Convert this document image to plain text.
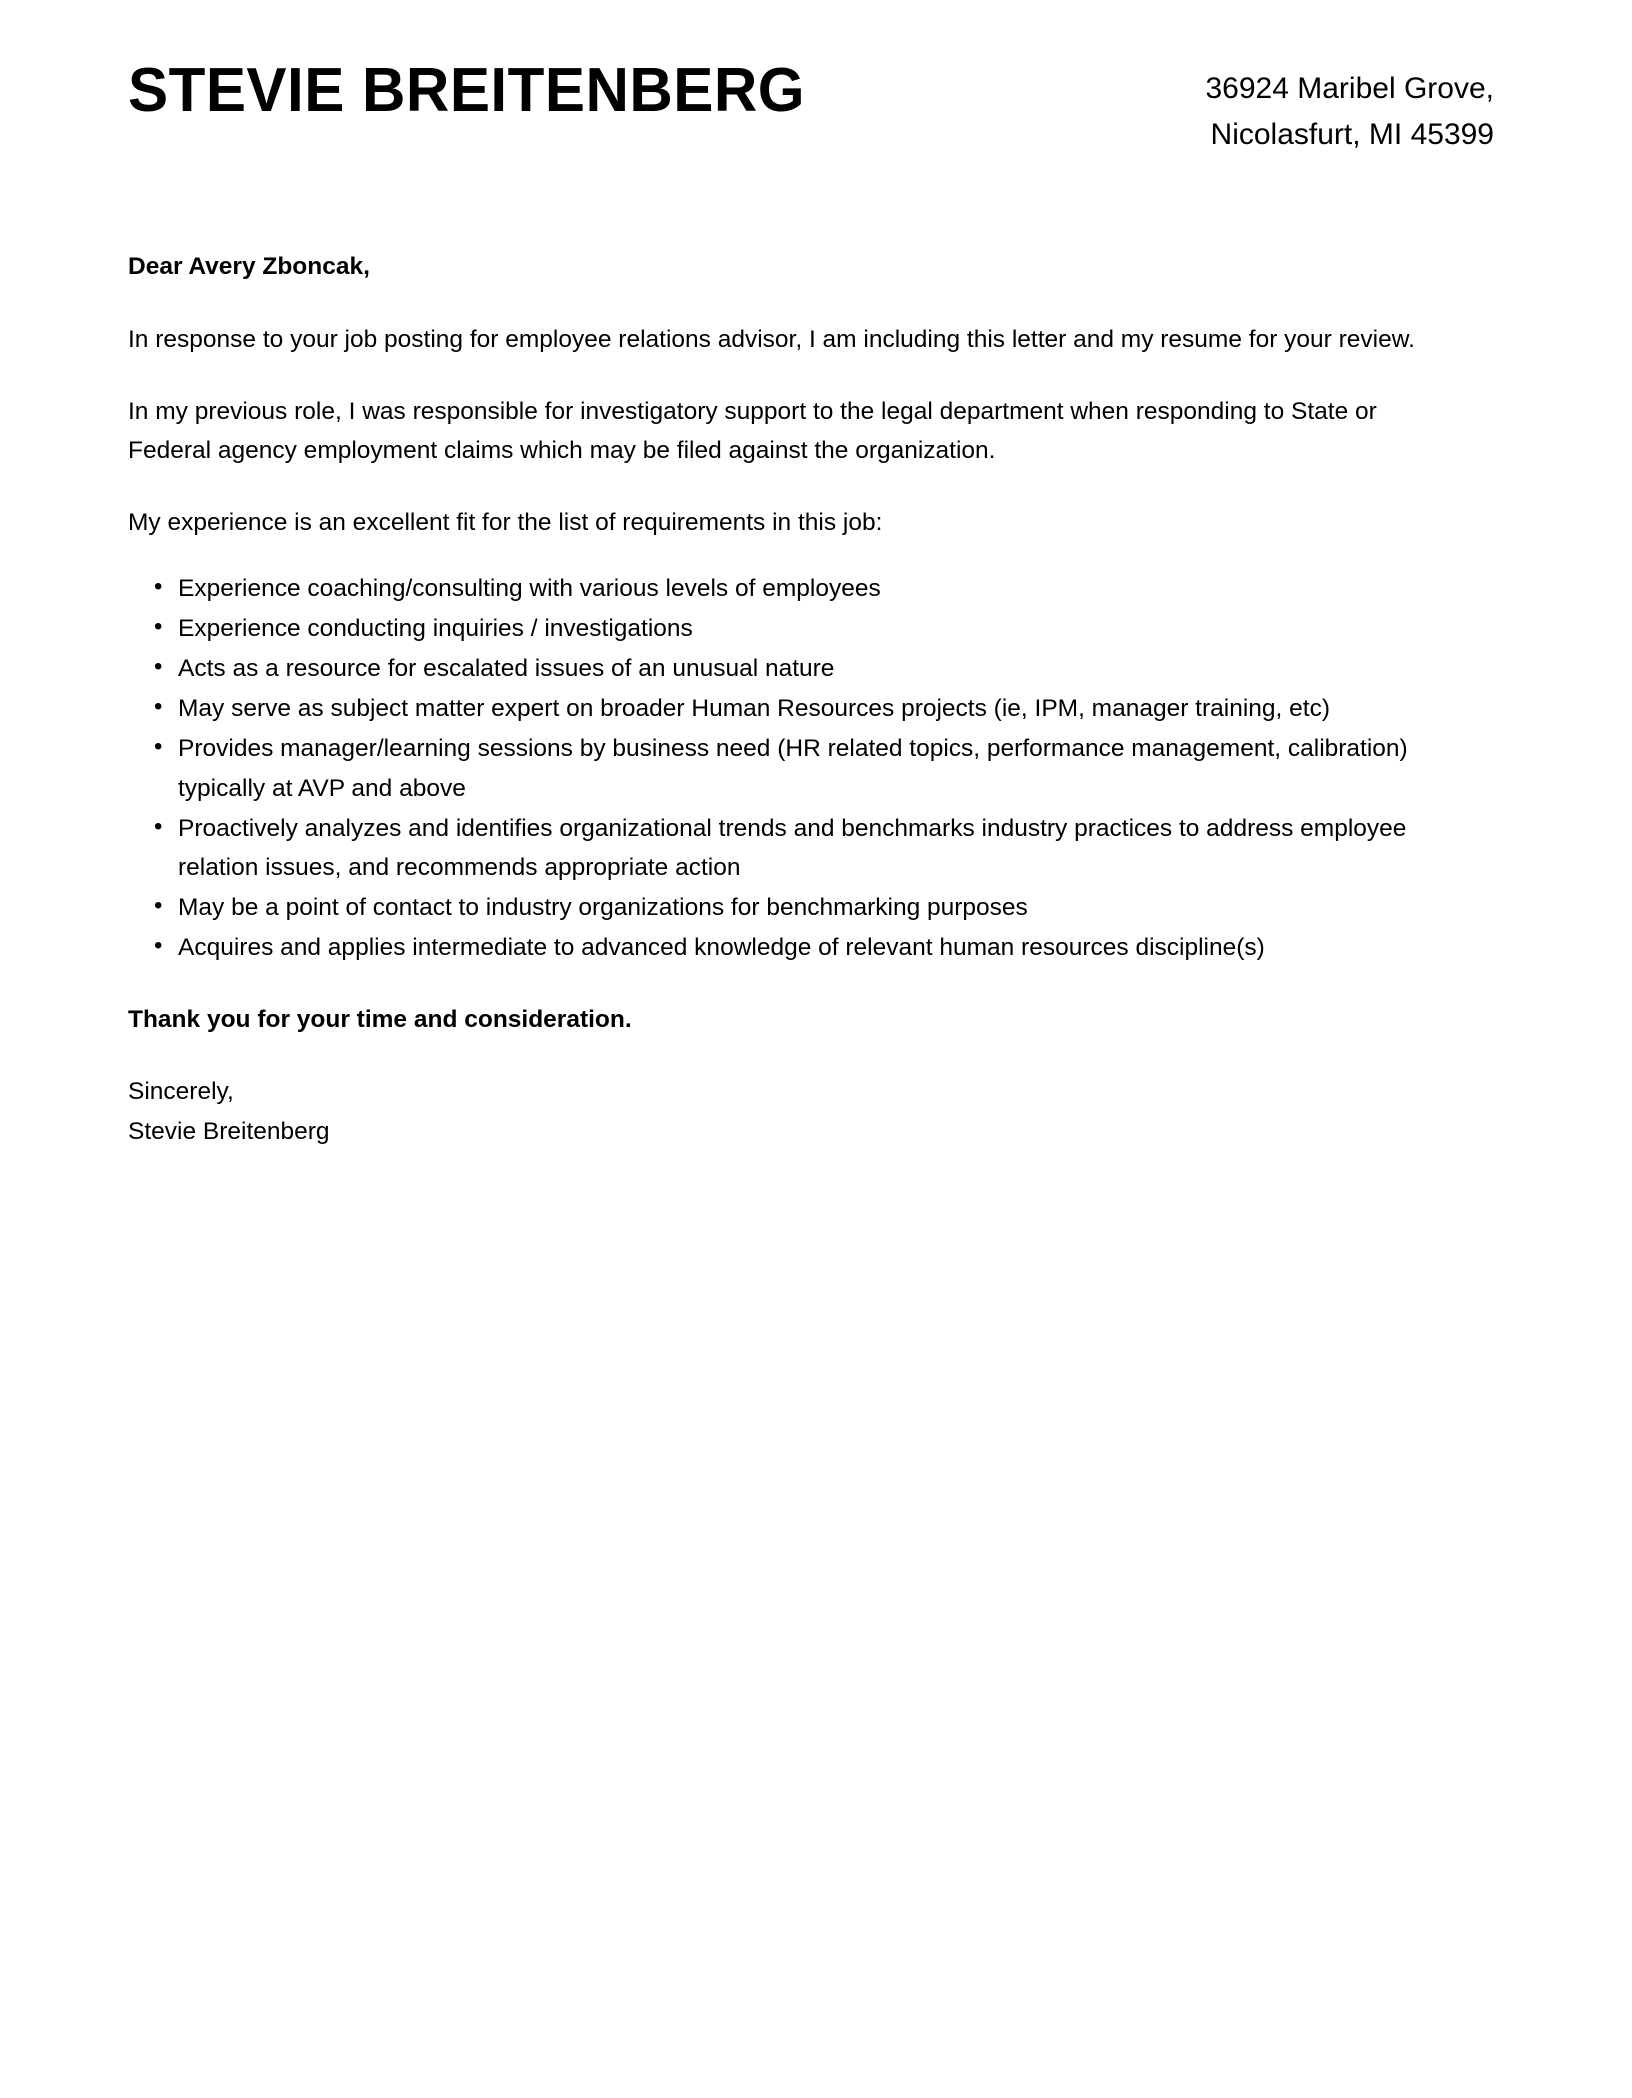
STEVIE BREITENBERG	36924 Maribel Grove,
Nicolasfurt, MI 45399

Dear Avery Zboncak,

In response to your job posting for employee relations advisor, I am including this letter and my resume for your review.

In my previous role, I was responsible for investigatory support to the legal department when responding to State or Federal agency employment claims which may be filed against the organization.

My experience is an excellent fit for the list of requirements in this job:

• Experience coaching/consulting with various levels of employees
• Experience conducting inquiries / investigations
• Acts as a resource for escalated issues of an unusual nature
• May serve as subject matter expert on broader Human Resources projects (ie, IPM, manager training, etc)
• Provides manager/learning sessions by business need (HR related topics, performance management, calibration) typically at AVP and above
• Proactively analyzes and identifies organizational trends and benchmarks industry practices to address employee relation issues, and recommends appropriate action
• May be a point of contact to industry organizations for benchmarking purposes
• Acquires and applies intermediate to advanced knowledge of relevant human resources discipline(s)

Thank you for your time and consideration.

Sincerely,
Stevie Breitenberg
